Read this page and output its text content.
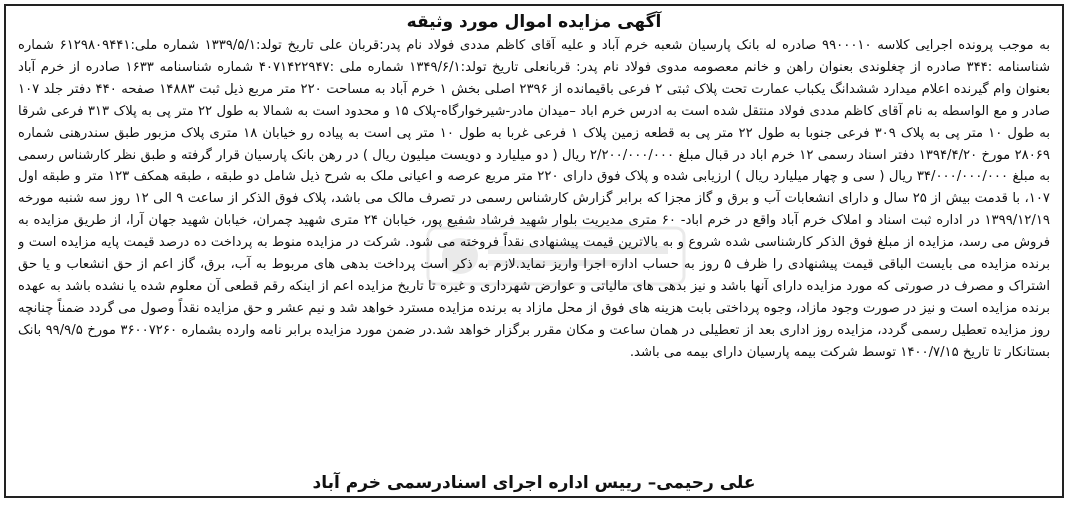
آگهی مزایده اموال مورد وثیقه
به موجب پرونده اجرایی کلاسه ۹۹۰۰۰۱۰ صادره له بانک پارسیان شعبه خرم آباد و علیه آقای کاظم مددی فولاد نام پدر:قربان علی تاریخ تولد:۱۳۳۹/۵/۱ شماره ملی:۶۱۲۹۸۰۹۴۴۱ شماره شناسنامه :۳۴۴ صادره از چغلوندی بعنوان راهن و خانم معصومه مدوی فولاد نام پدر: قربانعلی تاریخ تولد:۱۳۴۹/۶/۱ شماره ملی :۴۰۷۱۴۲۲۹۴۷ شماره شناسنامه ۱۶۳۳ صادره از خرم آباد بعنوان وام گیرنده اعلام میدارد ششدانگ یکباب عمارت تحت پلاک ثبتی ۲ فرعی باقیمانده از ۲۳۹۶ اصلی بخش ۱ خرم آباد به مساحت ۲۲۰ متر مربع ذیل ثبت ۱۴۸۸۳ صفحه ۴۴۰ دفتر جلد ۱۰۷ صادر و مع الواسطه به نام آقای کاظم مددی فولاد منتقل شده است به ادرس خرم اباد –میدان مادر-شیرخوارگاه-پلاک ۱۵ و محدود است به شمالا به طول ۲۲ متر پی به پلاک ۳۱۳ فرعی شرقا به طول ۱۰ متر پی به پلاک ۳۰۹ فرعی جنوبا به طول ۲۲ متر پی به قطعه زمین پلاک ۱ فرعی غربا به طول ۱۰ متر پی است به پیاده رو خیابان ۱۸ متری پلاک مزبور طبق سندرهنی شماره ۲۸۰۶۹ مورخ ۱۳۹۴/۴/۲۰ دفتر اسناد رسمی ۱۲ خرم اباد در قبال مبلغ ۲/۲۰۰/۰۰۰/۰۰۰ ریال ( دو میلیارد و دویست میلیون ریال ) در رهن بانک پارسیان قرار گرفته و طبق نظر کارشناس رسمی به مبلغ ۳۴/۰۰۰/۰۰۰/۰۰۰ ریال ( سی و چهار میلیارد ریال ) ارزیابی شده و پلاک فوق دارای ۲۲۰ متر مربع عرصه و اعیانی ملک به شرح ذیل شامل دو طبقه ، طبقه همکف ۱۲۳ متر و طبقه اول ۱۰۷، با قدمت بیش از ۲۵ سال و دارای انشعابات آب و برق و گاز مجزا که برابر گزارش کارشناس رسمی در تصرف مالک می باشد، پلاک فوق الذکر از ساعت ۹ الی ۱۲ روز سه شنبه مورخه ۱۳۹۹/۱۲/۱۹ در اداره ثبت اسناد و املاک خرم آباد واقع در خرم اباد- ۶۰ متری مدیریت بلوار شهید فرشاد شفیع پور، خیابان ۲۴ متری شهید چمران، خیابان شهید جهان آرا، از طریق مزایده به فروش می رسد، مزایده از مبلغ فوق الذکر کارشناسی شده شروع و به بالاترین قیمت پیشنهادی نقداً فروخته می شود. شرکت در مزایده منوط به پرداخت ده درصد قیمت پایه مزایده است و برنده مزایده می بایست الباقی قیمت پیشنهادی را ظرف ۵ روز به حساب اداره اجرا واریز نماید.لازم به ذکر است پرداخت بدهی های مربوط به آب، برق، گاز اعم از حق انشعاب و یا حق اشتراک و مصرف در صورتی که مورد مزایده دارای آنها باشد و نیز بدهی های مالیاتی و عوارض شهرداری و غیره تا تاریخ مزایده اعم از اینکه رقم قطعی آن معلوم شده یا نشده باشد به عهده برنده مزایده است و نیز در صورت وجود مازاد، وجوه پرداختی بابت هزینه های فوق از محل مازاد به برنده مزایده مسترد خواهد شد و نیم عشر و حق مزایده نقداً وصول می گردد ضمناً چنانچه روز مزایده تعطیل رسمی گردد، مزایده روز اداری بعد از تعطیلی در همان ساعت و مکان مقرر برگزار خواهد شد.در ضمن مورد مزایده برابر نامه وارده بشماره ۳۶۰۰۷۲۶۰ مورخ ۹۹/۹/۵ بانک بستانکار تا تاریخ ۱۴۰۰/۷/۱۵ توسط شرکت بیمه پارسیان دارای بیمه می باشد.
علی رحیمی– رییس اداره اجرای اسنادرسمی خرم آباد
